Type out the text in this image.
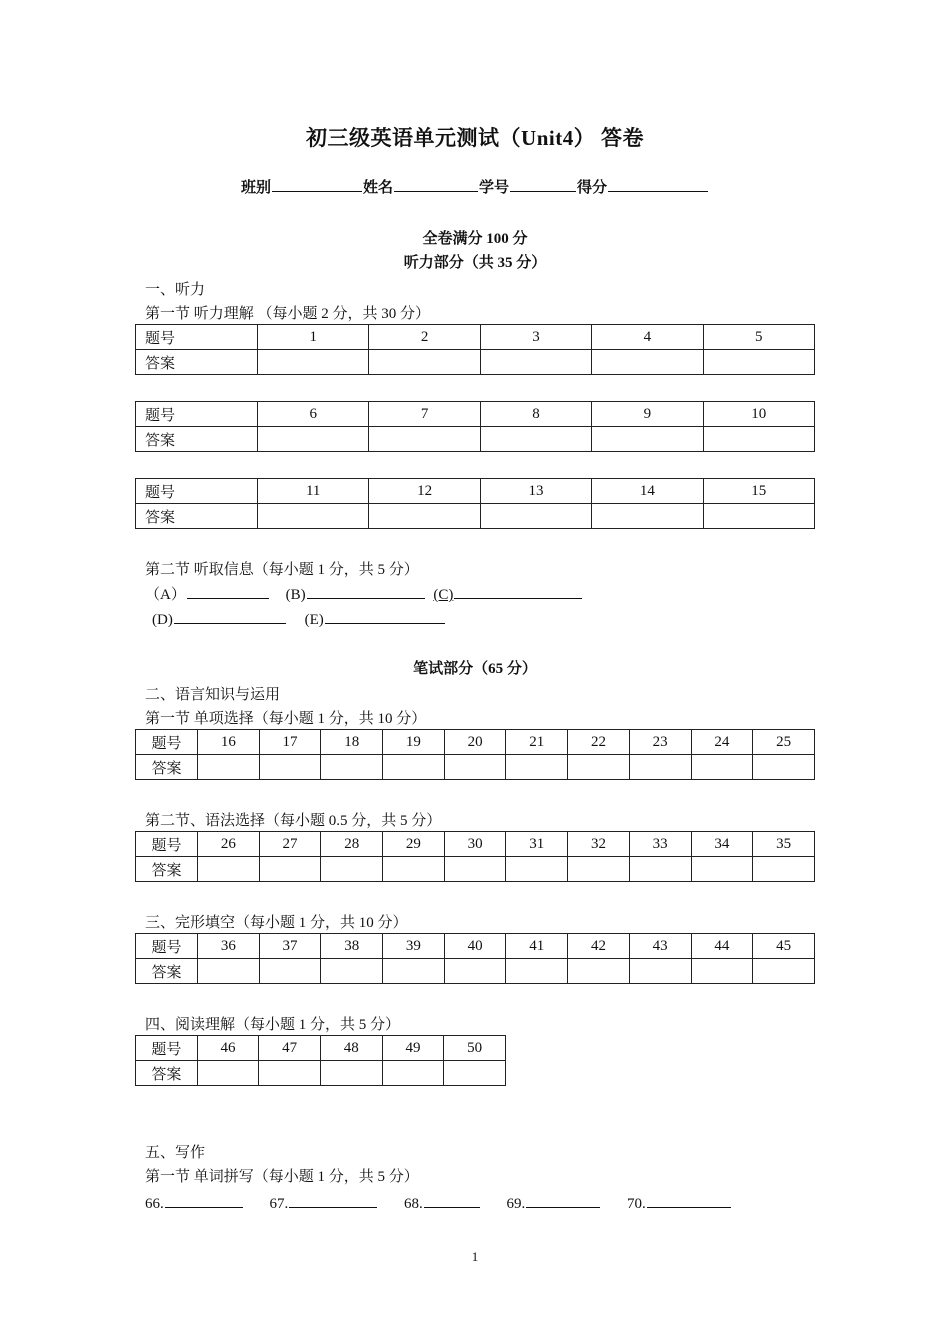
初三级英语单元测试（Unit4） 答卷
班别	姓名	学号	得分
全卷满分 100 分
听力部分（共 35 分）
一、听力
第一节 听力理解 （每小题 2 分，共 30 分）
题号	1	2	3	4	5
答案					
题号	6	7	8	9	10
答案					
题号	11	12	13	14	15
答案					
第二节 听取信息（每小题 1 分，共 5 分）
（A）	(B)	(C)
(D)	(E)
笔试部分（65 分）
二、语言知识与运用
第一节 单项选择（每小题 1 分，共 10 分）
题号	16	17	18	19	20	21	22	23	24	25
答案										
第二节、语法选择（每小题 0.5 分，共 5 分）
题号	26	27	28	29	30	31	32	33	34	35
答案										
三、完形填空（每小题 1 分，共 10 分）
题号	36	37	38	39	40	41	42	43	44	45
答案										
四、阅读理解（每小题 1 分，共 5 分）
题号	46	47	48	49	50
答案					
五、写作
第一节 单词拼写（每小题 1 分，共 5 分）
66.	67.	68.	69.	70.
1
